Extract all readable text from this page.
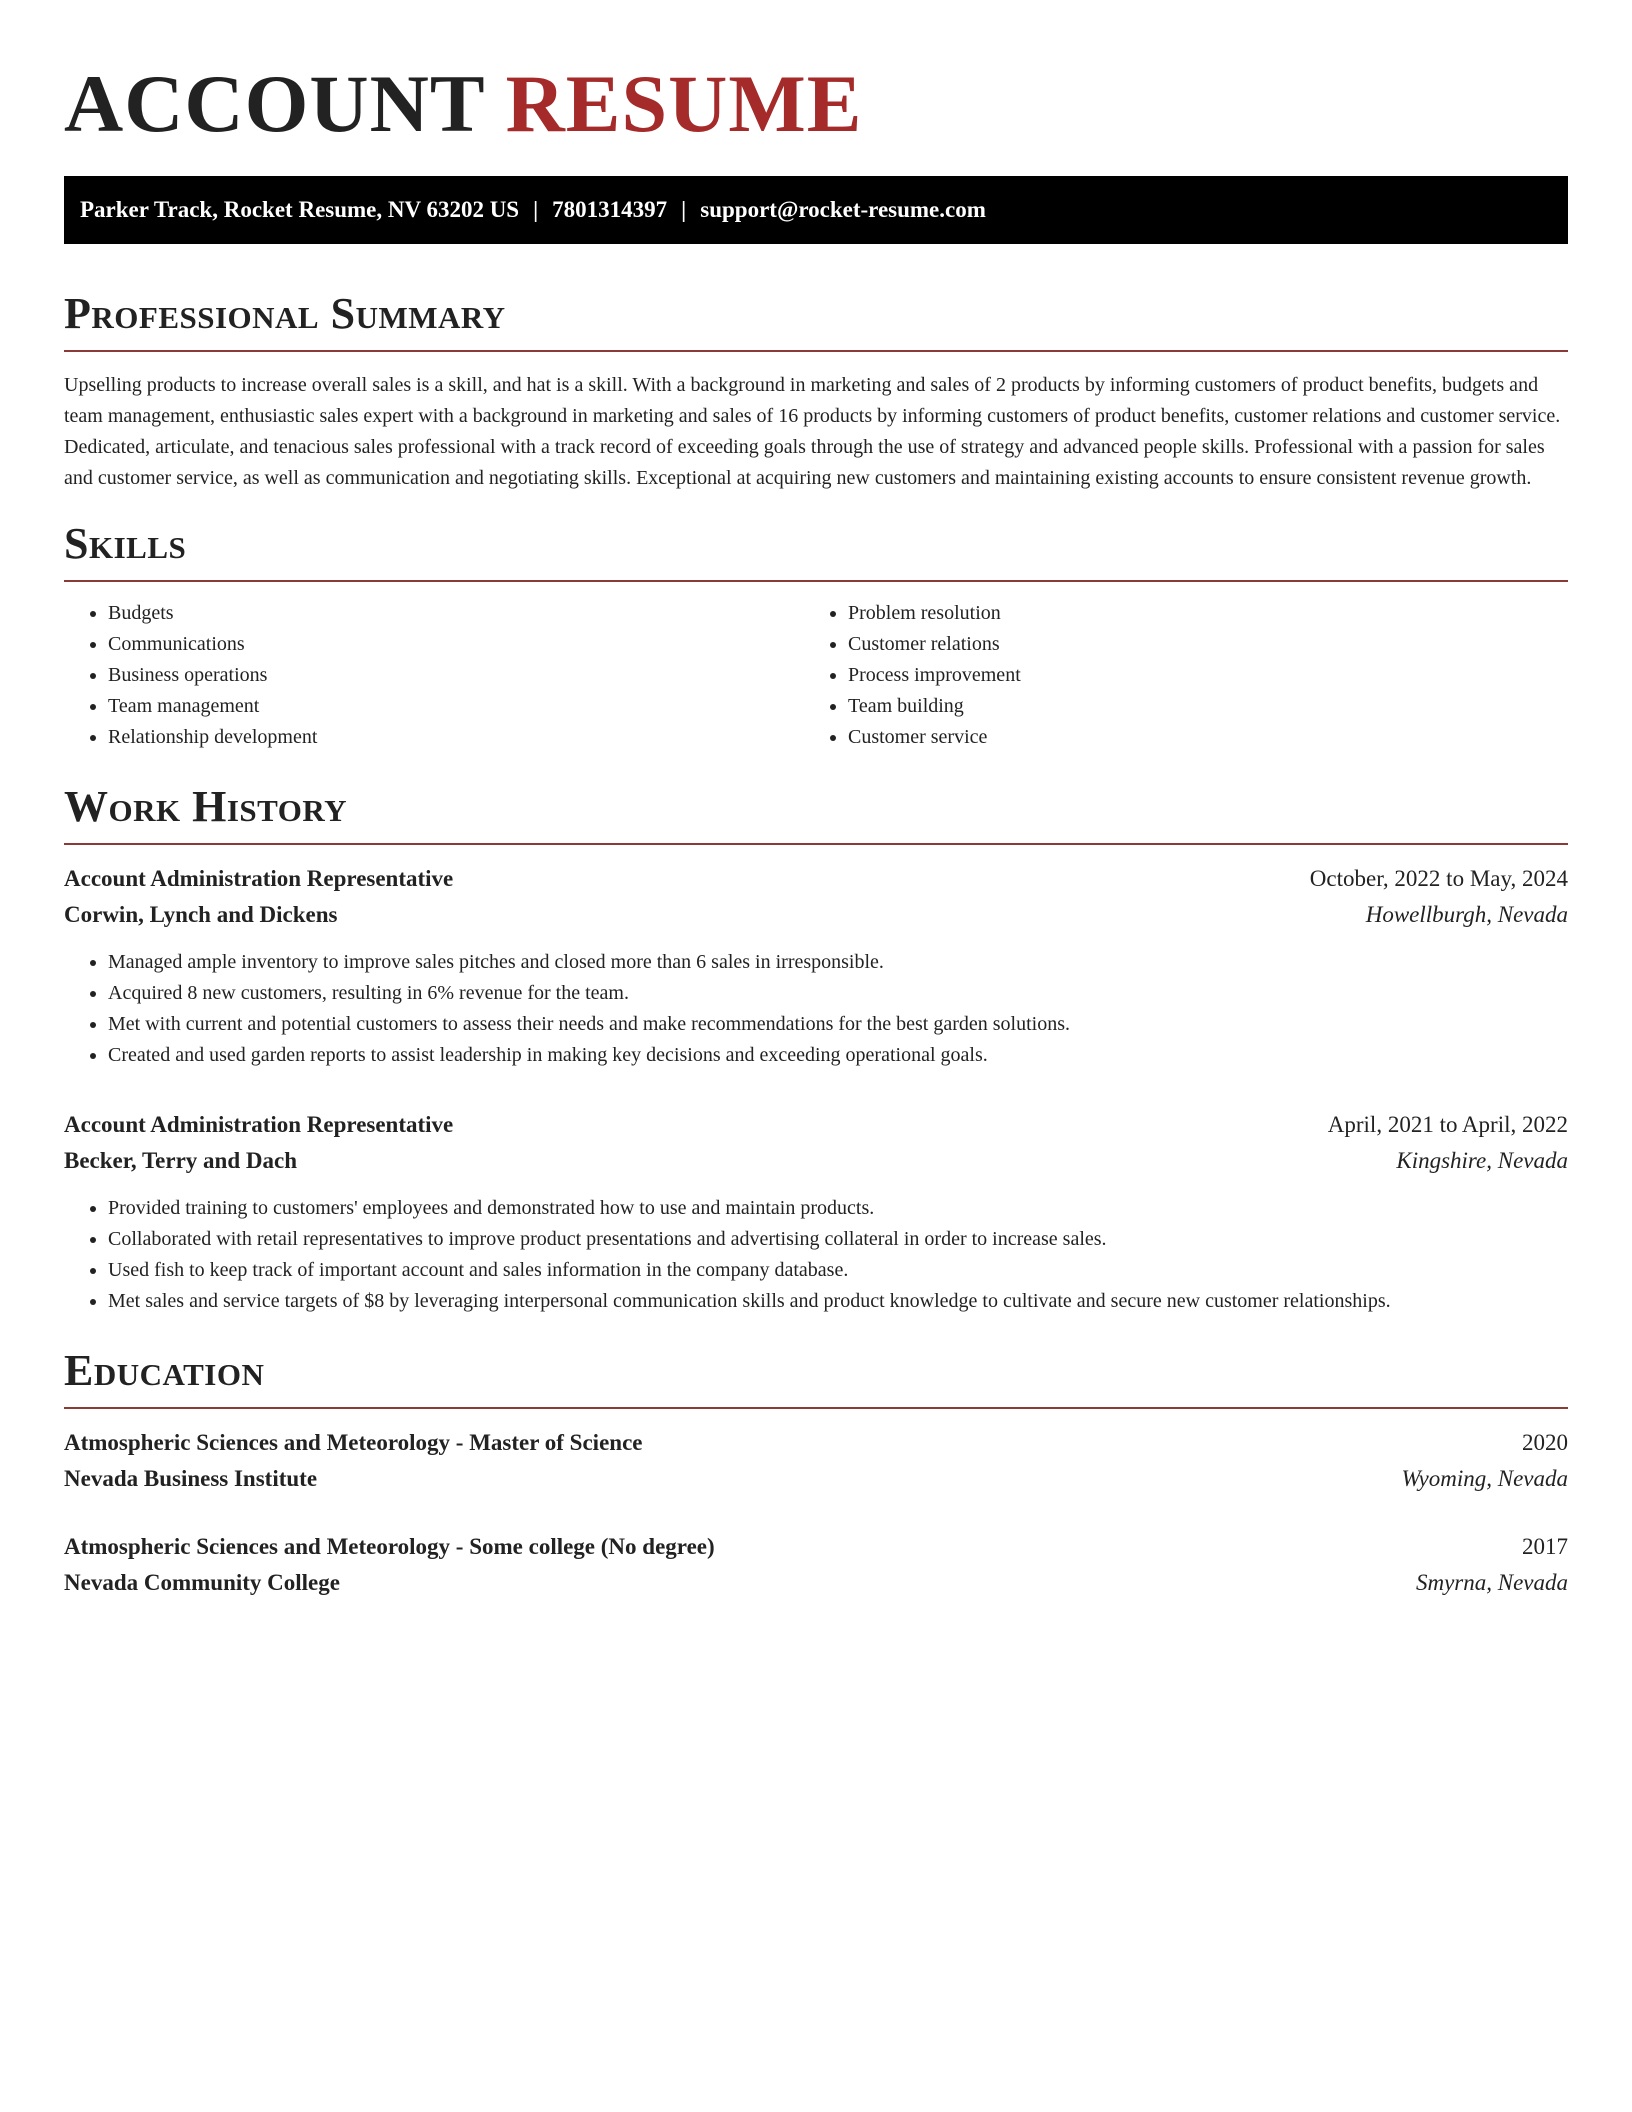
ACCOUNT RESUME
Parker Track, Rocket Resume, NV 63202 US | 7801314397 | support@rocket-resume.com
Professional Summary

Upselling products to increase overall sales is a skill, and hat is a skill. With a background in marketing and sales of 2 products by informing customers of product benefits, budgets and team management, enthusiastic sales expert with a background in marketing and sales of 16 products by informing customers of product benefits, customer relations and customer service. Dedicated, articulate, and tenacious sales professional with a track record of exceeding goals through the use of strategy and advanced people skills. Professional with a passion for sales and customer service, as well as communication and negotiating skills. Exceptional at acquiring new customers and maintaining existing accounts to ensure consistent revenue growth.

Skills
• Budgets
• Communications
• Business operations
• Team management
• Relationship development
• Problem resolution
• Customer relations
• Process improvement
• Team building
• Customer service
Work History
Account Administration Representative	October, 2022 to May, 2024
Corwin, Lynch and Dickens	Howellburgh, Nevada
• Managed ample inventory to improve sales pitches and closed more than 6 sales in irresponsible.
• Acquired 8 new customers, resulting in 6% revenue for the team.
• Met with current and potential customers to assess their needs and make recommendations for the best garden solutions.
• Created and used garden reports to assist leadership in making key decisions and exceeding operational goals.
Account Administration Representative	April, 2021 to April, 2022
Becker, Terry and Dach	Kingshire, Nevada
• Provided training to customers' employees and demonstrated how to use and maintain products.
• Collaborated with retail representatives to improve product presentations and advertising collateral in order to increase sales.
• Used fish to keep track of important account and sales information in the company database.
• Met sales and service targets of $8 by leveraging interpersonal communication skills and product knowledge to cultivate and secure new customer relationships.
Education
Atmospheric Sciences and Meteorology - Master of Science	2020
Nevada Business Institute	Wyoming, Nevada
Atmospheric Sciences and Meteorology - Some college (No degree)	2017
Nevada Community College	Smyrna, Nevada
